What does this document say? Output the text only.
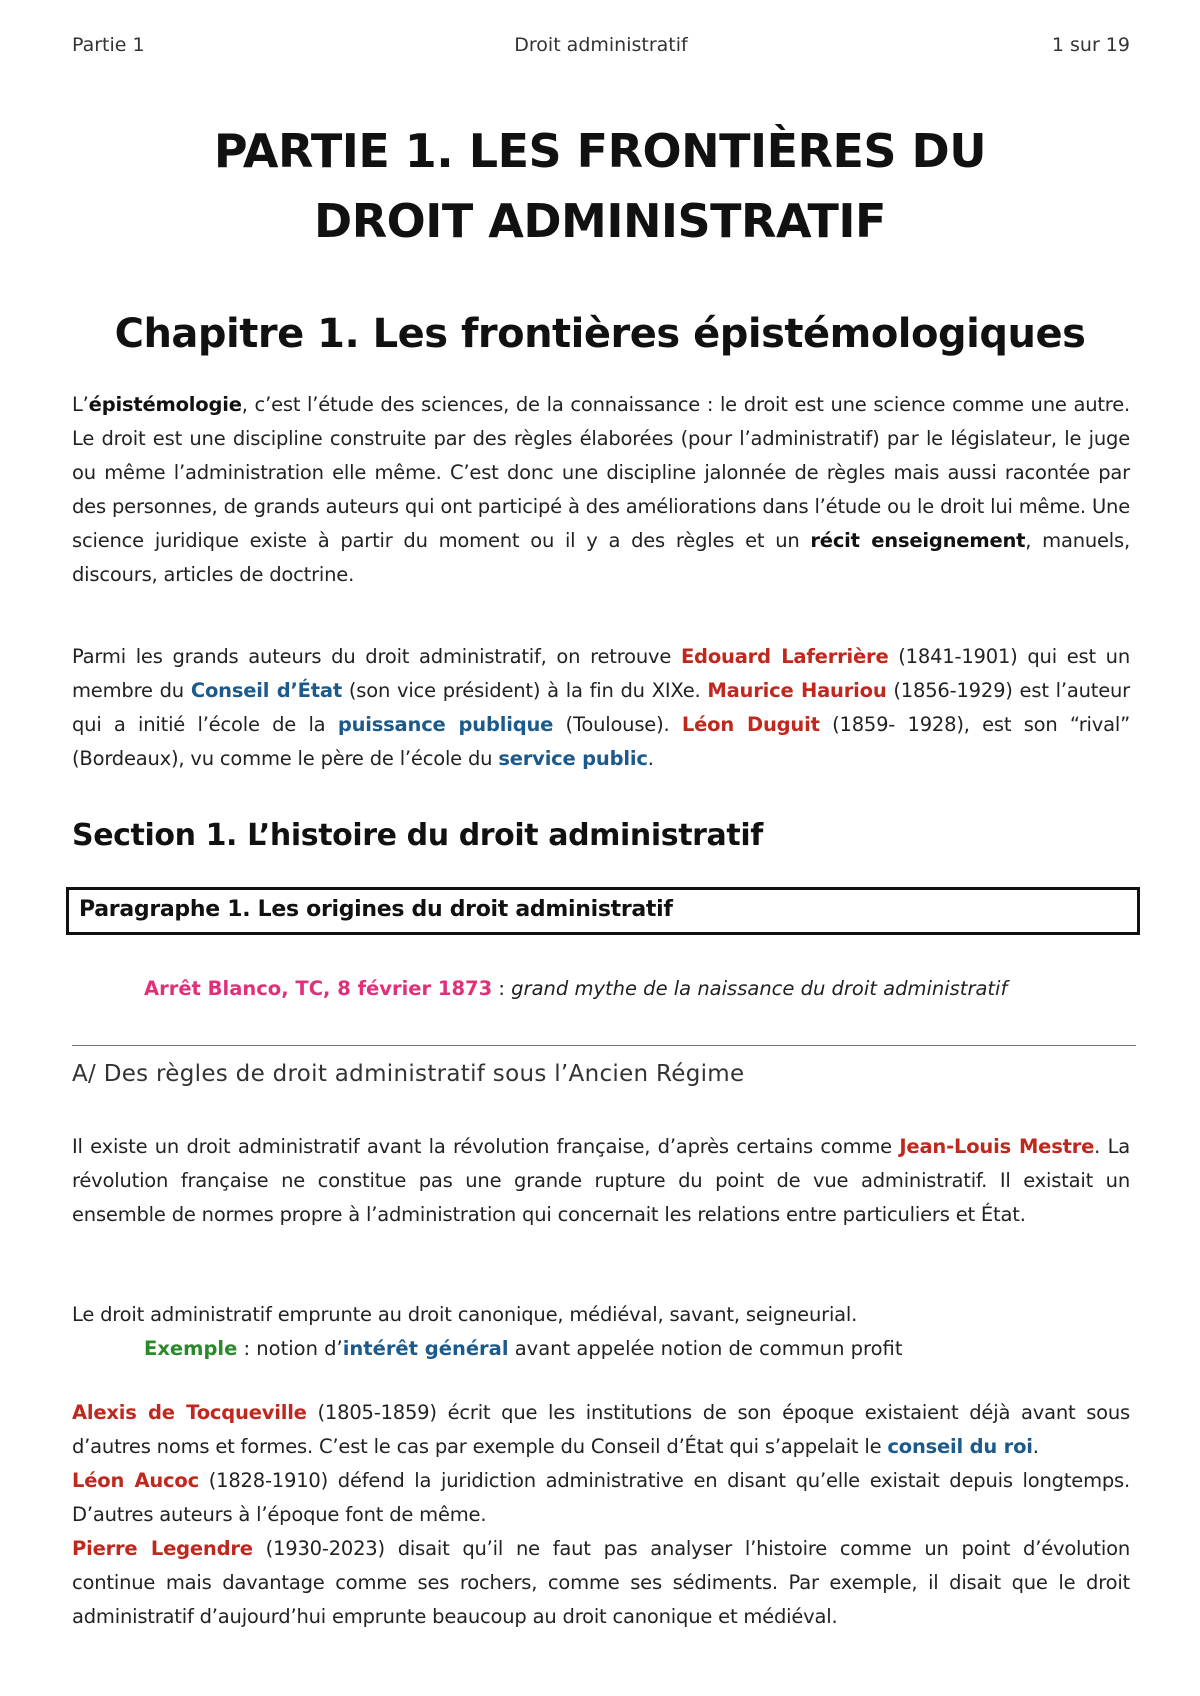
Partie 1	Droit administratif	1 sur 19
PARTIE 1. LES FRONTIÈRES DU
DROIT ADMINISTRATIF
Chapitre 1. Les frontières épistémologiques

L’épistémologie, c’est l’étude des sciences, de la connaissance : le droit est une science comme une autre. Le droit est une discipline construite par des règles élaborées (pour l’administratif) par le législateur, le juge ou même l’administration elle même. C’est donc une discipline jalonnée de règles mais aussi racontée par des personnes, de grands auteurs qui ont participé à des améliorations dans l’étude ou le droit lui même. Une science juridique existe à partir du moment ou il y a des règles et un récit enseignement, manuels, discours, articles de doctrine.

Parmi les grands auteurs du droit administratif, on retrouve Edouard Laferrière (1841-1901) qui est un membre du Conseil d’État (son vice président) à la fin du XIXe. Maurice Hauriou (1856-1929) est l’auteur qui a initié l’école de la puissance publique (Toulouse). Léon Duguit (1859- 1928), est son “rival” (Bordeaux), vu comme le père de l’école du service public.

Section 1. L’histoire du droit administratif
Paragraphe 1. Les origines du droit administratif
Arrêt Blanco, TC, 8 février 1873 : grand mythe de la naissance du droit administratif
A/ Des règles de droit administratif sous l’Ancien Régime

Il existe un droit administratif avant la révolution française, d’après certains comme Jean-Louis Mestre. La révolution française ne constitue pas une grande rupture du point de vue administratif. Il existait un ensemble de normes propre à l’administration qui concernait les relations entre particuliers et État.

Le droit administratif emprunte au droit canonique, médiéval, savant, seigneurial.

Exemple : notion d’intérêt général avant appelée notion de commun profit

Alexis de Tocqueville (1805-1859) écrit que les institutions de son époque existaient déjà avant sous d’autres noms et formes. C’est le cas par exemple du Conseil d’État qui s’appelait le conseil du roi.

Léon Aucoc (1828-1910) défend la juridiction administrative en disant qu’elle existait depuis longtemps. D’autres auteurs à l’époque font de même.

Pierre Legendre (1930-2023) disait qu’il ne faut pas analyser l’histoire comme un point d’évolution continue mais davantage comme ses rochers, comme ses sédiments. Par exemple, il disait que le droit administratif d’aujourd’hui emprunte beaucoup au droit canonique et médiéval.
